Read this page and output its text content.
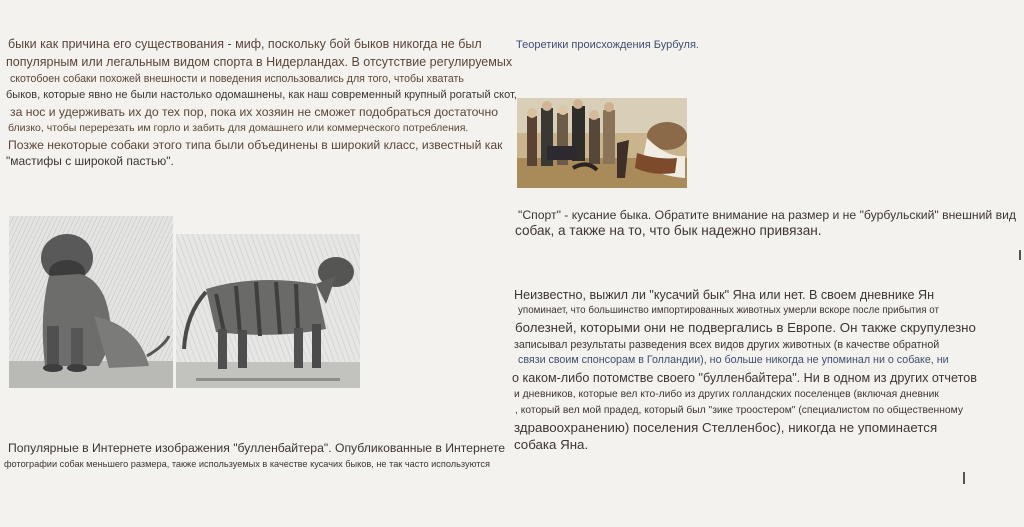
быки как причина его существования - миф, поскольку бой быков никогда не был
популярным или легальным видом спорта в Нидерландах. В отсутствие регулируемых
скотобоен собаки похожей внешности и поведения использовались для того, чтобы хватать
быков, которые явно не были настолько одомашнены, как наш современный крупный рогатый скот,
за нос и удерживать их до тех пор, пока их хозяин не сможет подобраться достаточно
близко, чтобы перерезать им горло и забить для домашнего или коммерческого потребления.
Позже некоторые собаки этого типа были объединены в широкий класс, известный как
"мастифы с широкой пастью".
Популярные в Интернете изображения "булленбайтера". Опубликованные в Интернете
фотографии собак меньшего размера, также используемых в качестве кусачих быков, не так часто используются
Теоретики происхождения Бурбуля.
"Спорт" - кусание быка. Обратите внимание на размер и не "бурбульский" внешний вид
собак, а также на то, что бык надежно привязан.
Неизвестно, выжил ли "кусачий бык" Яна или нет. В своем дневнике Ян
упоминает, что большинство импортированных животных умерли вскоре после прибытия от
болезней, которыми они не подвергались в Европе. Он также скрупулезно
записывал результаты разведения всех видов других животных (в качестве обратной
связи своим спонсорам в Голландии), но больше никогда не упоминал ни о собаке, ни
о каком-либо потомстве своего "булленбайтера". Ни в одном из других отчетов
и дневников, которые вел кто-либо из других голландских поселенцев (включая дневник
, который вел мой прадед, который был "зике троостером" (специалистом по общественному
здравоохранению) поселения Стелленбос), никогда не упоминается
собака Яна.
